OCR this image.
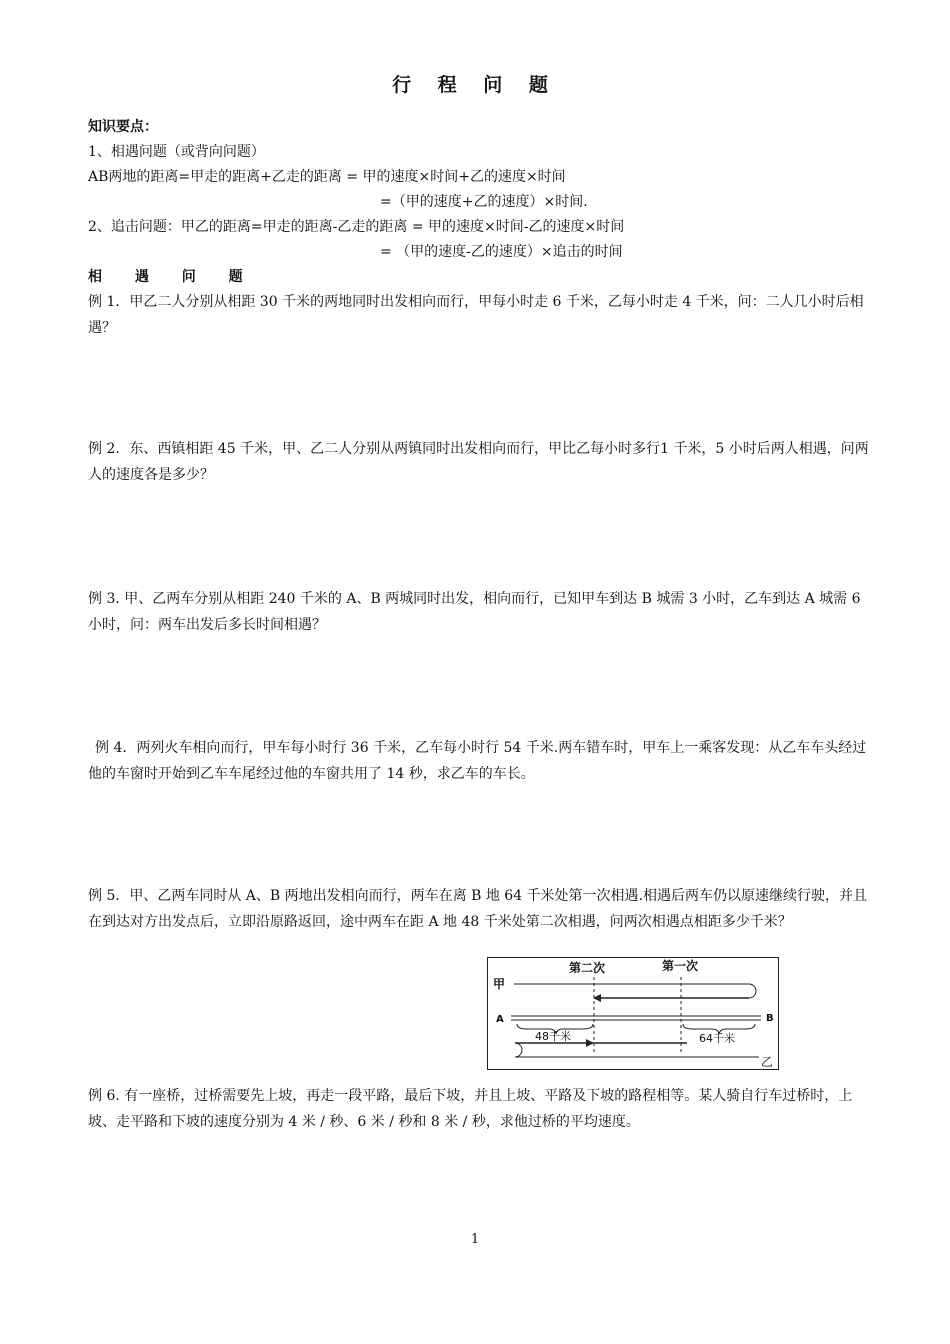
行 程 问 题
知识要点：
1、相遇问题（或背向问题）
AB两地的距离=甲走的距离+乙走的距离 = 甲的速度×时间+乙的速度×时间
=（甲的速度+乙的速度）×时间.
2、追击问题：甲乙的距离=甲走的距离-乙走的距离 = 甲的速度×时间-乙的速度×时间
= （甲的速度-乙的速度）×追击的时间
相 遇 问 题
例 1．甲乙二人分别从相距 30 千米的两地同时出发相向而行，甲每小时走 6 千米，乙每小时走 4 千米，问：二人几小时后相遇？
例 2．东、西镇相距 45 千米，甲、乙二人分别从两镇同时出发相向而行，甲比乙每小时多行1 千米，5 小时后两人相遇，问两人的速度各是多少？
例 3. 甲、乙两车分别从相距 240 千米的 A、B 两城同时出发，相向而行，已知甲车到达 B 城需 3 小时，乙车到达 A 城需 6 小时，问：两车出发后多长时间相遇？
例 4．两列火车相向而行，甲车每小时行 36 千米，乙车每小时行 54 千米.两车错车时，甲车上一乘客发现：从乙车车头经过他的车窗时开始到乙车车尾经过他的车窗共用了 14 秒，求乙车的车长。
例 5．甲、乙两车同时从 A、B 两地出发相向而行，两车在离 B 地 64 千米处第一次相遇.相遇后两车仍以原速继续行驶，并且在到达对方出发点后，立即沿原路返回，途中两车在距 A 地 48 千米处第二次相遇，问两次相遇点相距多少千米？
第二次	第一次
甲
A	B
48千米	64千米
乙
例 6. 有一座桥，过桥需要先上坡，再走一段平路，最后下坡，并且上坡、平路及下坡的路程相等。某人骑自行车过桥时，上坡、走平路和下坡的速度分别为 4 米 / 秒、6 米 / 秒和 8 米 / 秒，求他过桥的平均速度。
1
